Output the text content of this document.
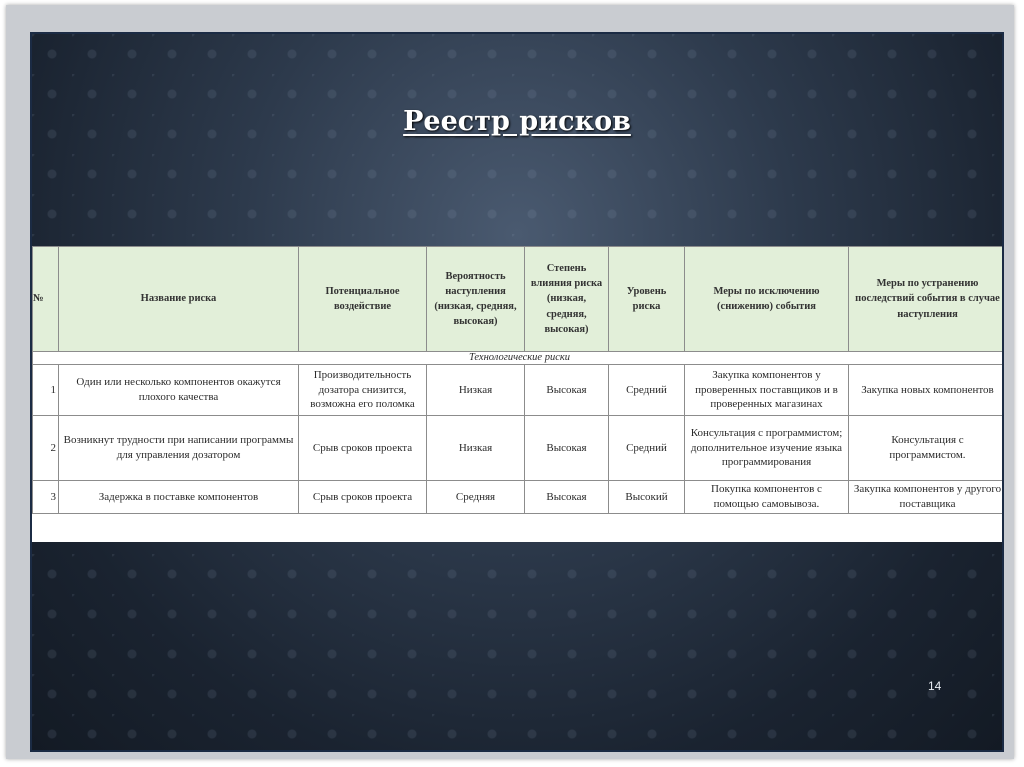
Реестр рисков
№	Название риска	Потенциальное воздействие	Вероятность наступления (низкая, средняя, высокая)	Степень влияния риска (низкая, средняя, высокая)	Уровень риска	Меры по исключению (снижению) события	Меры по устранению последствий события в случае наступления
Технологические риски							
1	Один или несколько компонентов окажутся плохого качества	Производительность дозатора снизится, возможна его поломка	Низкая	Высокая	Средний	Закупка компонентов у проверенных поставщиков и в проверенных магазинах	Закупка новых компонентов
2	Возникнут трудности при написании программы для управления дозатором	Срыв сроков проекта	Низкая	Высокая	Средний	Консультация с программистом; дополнительное изучение языка программирования	Консультация с программистом.
3	Задержка в поставке компонентов	Срыв сроков проекта	Средняя	Высокая	Высокий	Покупка компонентов с помощью самовывоза.	Закупка компонентов у другого поставщика
14
